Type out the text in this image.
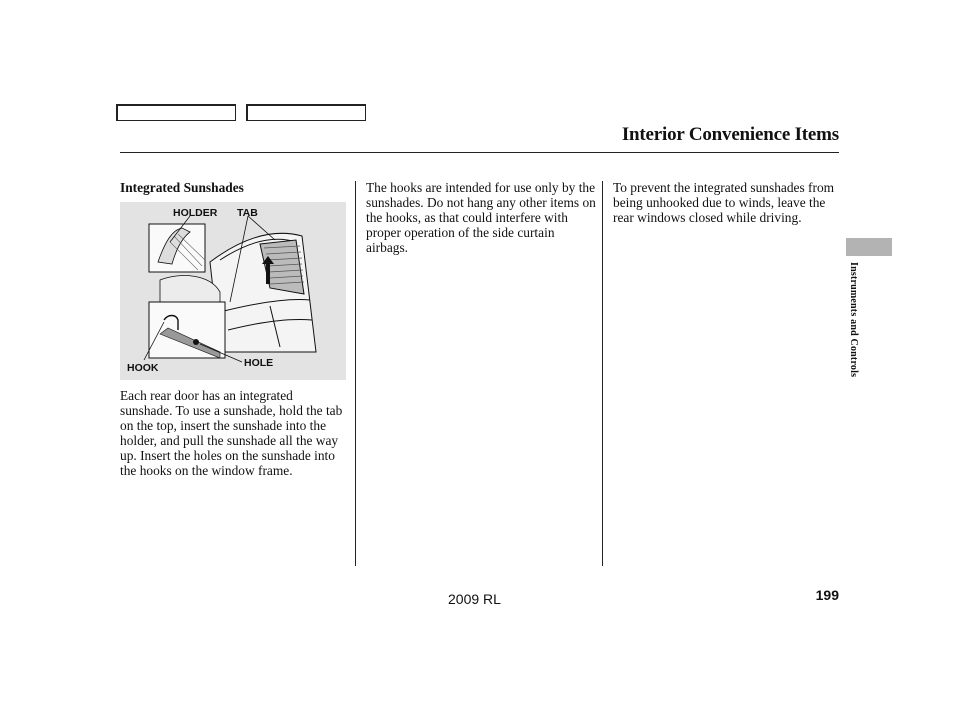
Interior Convenience Items
Integrated Sunshades

Each rear door has an integrated sunshade. To use a sunshade, hold the tab on the top, insert the sunshade into the holder, and pull the sunshade all the way up. Insert the holes on the sunshade into the hooks on the window frame.

HOLDER TAB
HOOK	HOLE

The hooks are intended for use only by the sunshades. Do not hang any other items on the hooks, as that could interfere with proper operation of the side curtain airbags.

To prevent the integrated sunshades from being unhooked due to winds, leave the rear windows closed while driving.

Instruments and Controls
2009 RL	199
